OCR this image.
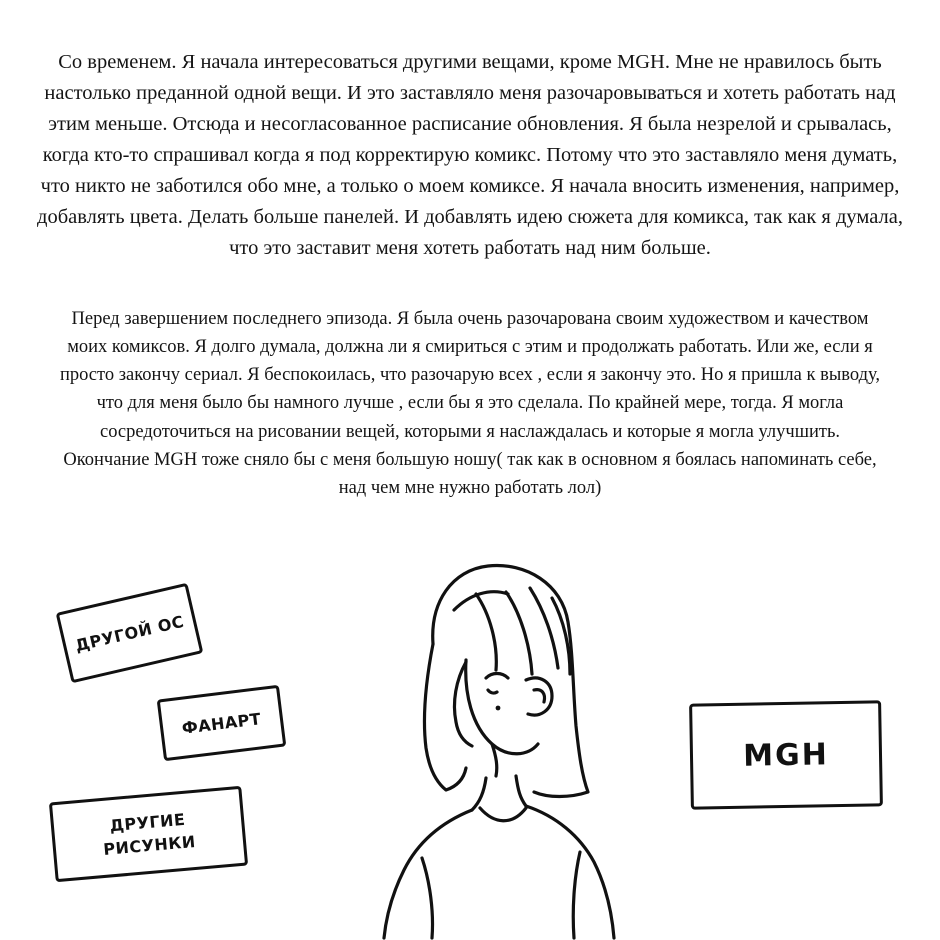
Со временем. Я начала интересоваться другими вещами, кроме MGH. Мне не нравилось быть настолько преданной одной вещи. И это заставляло меня разочаровываться и хотеть работать над этим меньше. Отсюда и несогласованное расписание обновления. Я была незрелой и срывалась, когда кто-то спрашивал когда я под корректирую комикс. Потому что это заставляло меня думать, что никто не заботился обо мне, а только о моем комиксе. Я начала вносить изменения, например, добавлять цвета. Делать больше панелей. И добавлять идею сюжета для комикса, так как я думала, что это заставит меня хотеть работать над ним больше.

Перед завершением последнего эпизода. Я была очень разочарована своим художеством и качеством моих комиксов. Я долго думала, должна ли я смириться с этим и продолжать работать. Или же, если я просто закончу сериал. Я беспокоилась, что разочарую всех , если я закончу это. Но я пришла к выводу, что для меня было бы намного лучше , если бы я это сделала. По крайней мере, тогда. Я могла сосредоточиться на рисовании вещей, которыми я наслаждалась и которые я могла улучшить. Окончание MGH тоже сняло бы с меня большую ношу( так как в основном я боялась напоминать себе, над чем мне нужно работать лол)

ДРУГОЙ ОС
ФАНАРТ
ДРУГИЕ
РИСУНКИ
MGH
